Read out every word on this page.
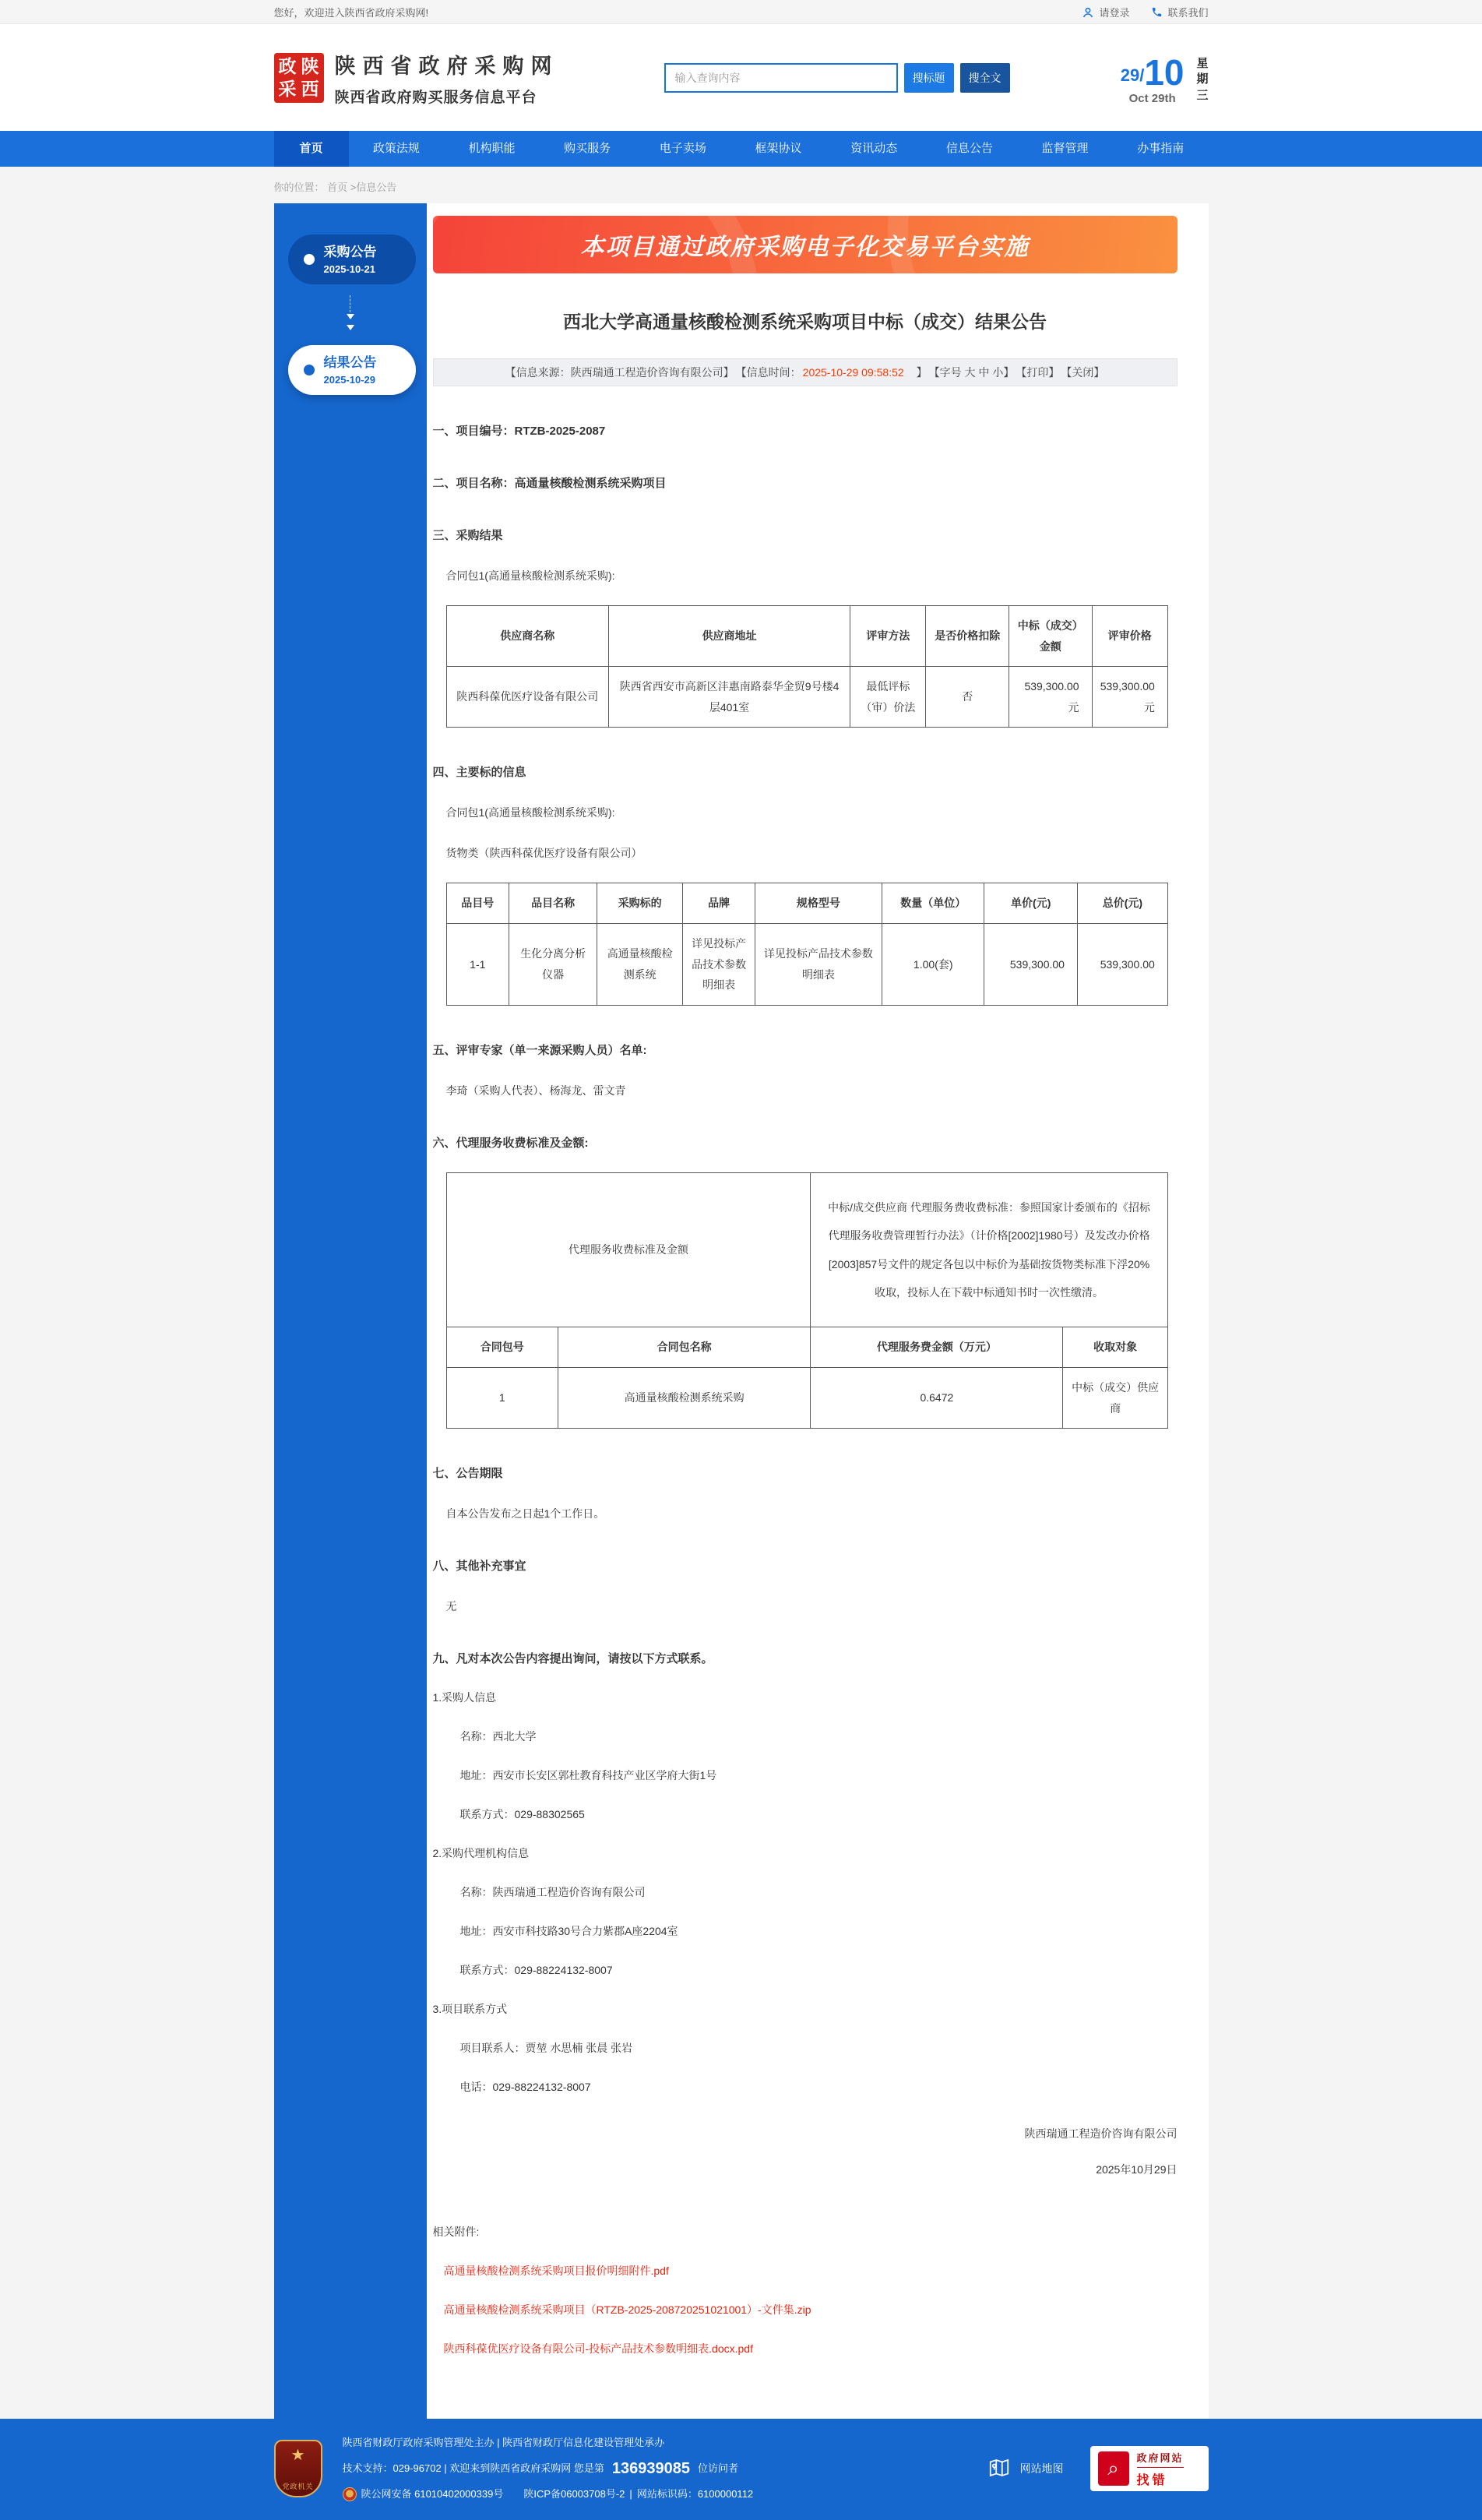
您好，欢迎进入陕西省政府采购网!	请登录	联系我们
政 陕
采 西
陕西省政府采购网
陕西省政府购买服务信息平台
输入查询内容
搜标题	搜全文	29/ 10
Oct 29th
星
期
三
首页	政策法规	机构职能	购买服务	电子卖场	框架协议	资讯动态	信息公告	监督管理	办事指南
你的位置： 首页 >信息公告
采购公告
2025-10-21
结果公告
2025-10-29
本项目通过政府采购电子化交易平台实施
西北大学高通量核酸检测系统采购项目中标（成交）结果公告
【信息来源：陕西瑞通工程造价咨询有限公司】 【信息时间： 2025-10-29 09:58:52 　】 【字号 大 中 小】 【打印】 【关闭】
一、项目编号：RTZB-2025-2087
二、项目名称：高通量核酸检测系统采购项目
三、采购结果

合同包1(高通量核酸检测系统采购):

供应商名称	供应商地址	评审方法	是否价格扣除	中标（成交）金额	评审价格
陕西科葆优医疗设备有限公司	陕西省西安市高新区沣惠南路泰华金贸9号楼4层401室	最低评标（审）价法	否	539,300.00元	539,300.00元
四、主要标的信息

合同包1(高通量核酸检测系统采购):

货物类（陕西科葆优医疗设备有限公司）

品目号	品目名称	采购标的	品牌	规格型号	数量（单位）	单价(元)	总价(元)
1-1	生化分离分析仪器	高通量核酸检测系统	详见投标产品技术参数明细表	详见投标产品技术参数明细表	1.00(套)	539,300.00	539,300.00
五、评审专家（单一来源采购人员）名单:

李琦（采购人代表）、杨海龙、雷文青

六、代理服务收费标准及金额:
代理服务收费标准及金额		中标/成交供应商 代理服务费收费标准：参照国家计委颁布的《招标代理服务收费管理暂行办法》（计价格[2002]1980号）及发改办价格[2003]857号文件的规定各包以中标价为基础按货物类标准下浮20%收取，投标人在下载中标通知书时一次性缴清。	
合同包号	合同包名称	代理服务费金额（万元）	收取对象
1	高通量核酸检测系统采购	0.6472	中标（成交）供应商
七、公告期限

自本公告发布之日起1个工作日。

八、其他补充事宜

无

九、凡对本次公告内容提出询问，请按以下方式联系。

1.采购人信息

名称：西北大学

地址：西安市长安区郭杜教育科技产业区学府大街1号

联系方式：029-88302565

2.采购代理机构信息

名称：陕西瑞通工程造价咨询有限公司

地址：西安市科技路30号合力紫郡A座2204室

联系方式：029-88224132-8007

3.项目联系方式

项目联系人：贾堃 水思楠 张晨 张岩

电话：029-88224132-8007

陕西瑞通工程造价咨询有限公司
2025年10月29日

相关附件:

高通量核酸检测系统采购项目报价明细附件.pdf
高通量核酸检测系统采购项目（RTZB-2025-208720251021001）-文件集.zip
陕西科葆优医疗设备有限公司-投标产品技术参数明细表.docx.pdf
★
党政机关
陕西省财政厅政府采购管理处主办 | 陕西省财政厅信息化建设管理处承办
技术支持：029-96702 | 欢迎来到陕西省政府采购网 您是第 136939085 位访问者
陕公网安备 61010402000339号 陕ICP备06003708号-2 | 网站标识码：6100000112
网站地图	⌕	政府网站
找错
